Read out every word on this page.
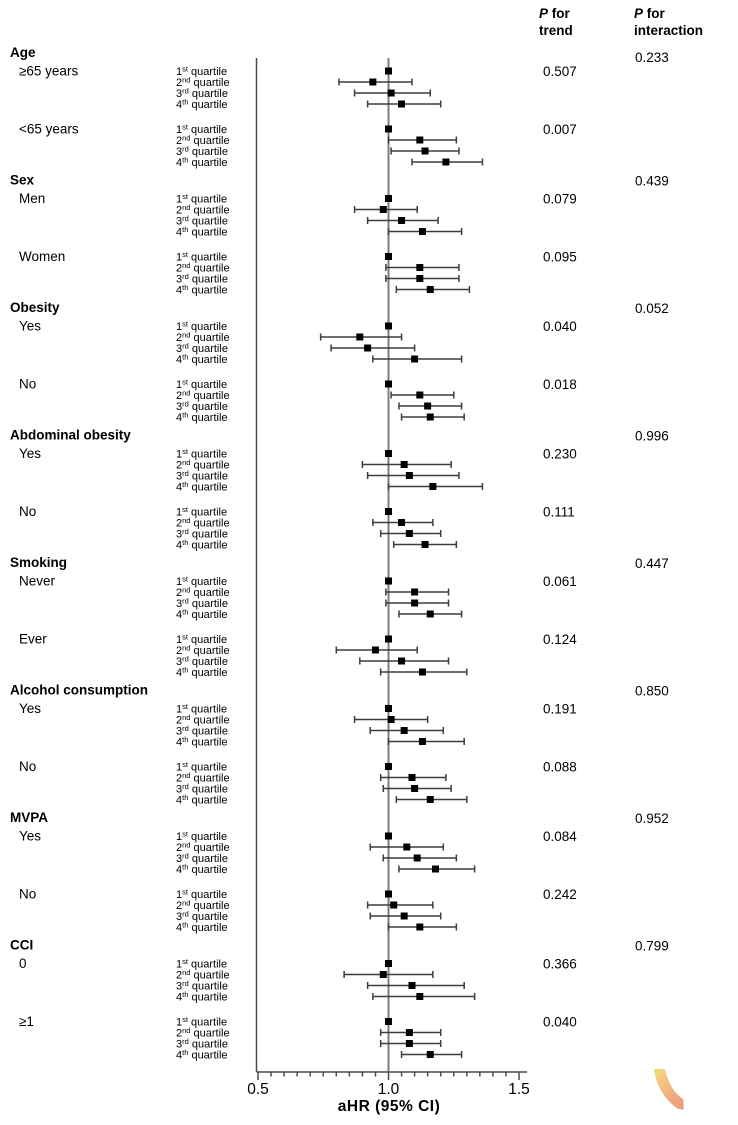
P for
trend
P for
interaction
0.5	1.0	1.5
Age	0.233
≥65 years	0.507
1st quartile
2nd quartile
3rd quartile
4th quartile
<65 years	0.007
1st quartile
2nd quartile
3rd quartile
4th quartile
Sex	0.439
Men	0.079
1st quartile
2nd quartile
3rd quartile
4th quartile
Women	0.095
1st quartile
2nd quartile
3rd quartile
4th quartile
Obesity	0.052
Yes	0.040
1st quartile
2nd quartile
3rd quartile
4th quartile
No	0.018
1st quartile
2nd quartile
3rd quartile
4th quartile
Abdominal obesity	0.996
Yes	0.230
1st quartile
2nd quartile
3rd quartile
4th quartile
No	0.111
1st quartile
2nd quartile
3rd quartile
4th quartile
Smoking	0.447
Never	0.061
1st quartile
2nd quartile
3rd quartile
4th quartile
Ever	0.124
1st quartile
2nd quartile
3rd quartile
4th quartile
Alcohol consumption	0.850
Yes	0.191
1st quartile
2nd quartile
3rd quartile
4th quartile
No	0.088
1st quartile
2nd quartile
3rd quartile
4th quartile
MVPA	0.952
Yes	0.084
1st quartile
2nd quartile
3rd quartile
4th quartile
No	0.242
1st quartile
2nd quartile
3rd quartile
4th quartile
CCI	0.799
0	0.366
1st quartile
2nd quartile
3rd quartile
4th quartile
≥1	0.040
1st quartile
2nd quartile
3rd quartile
4th quartile
aHR (95% CI)
